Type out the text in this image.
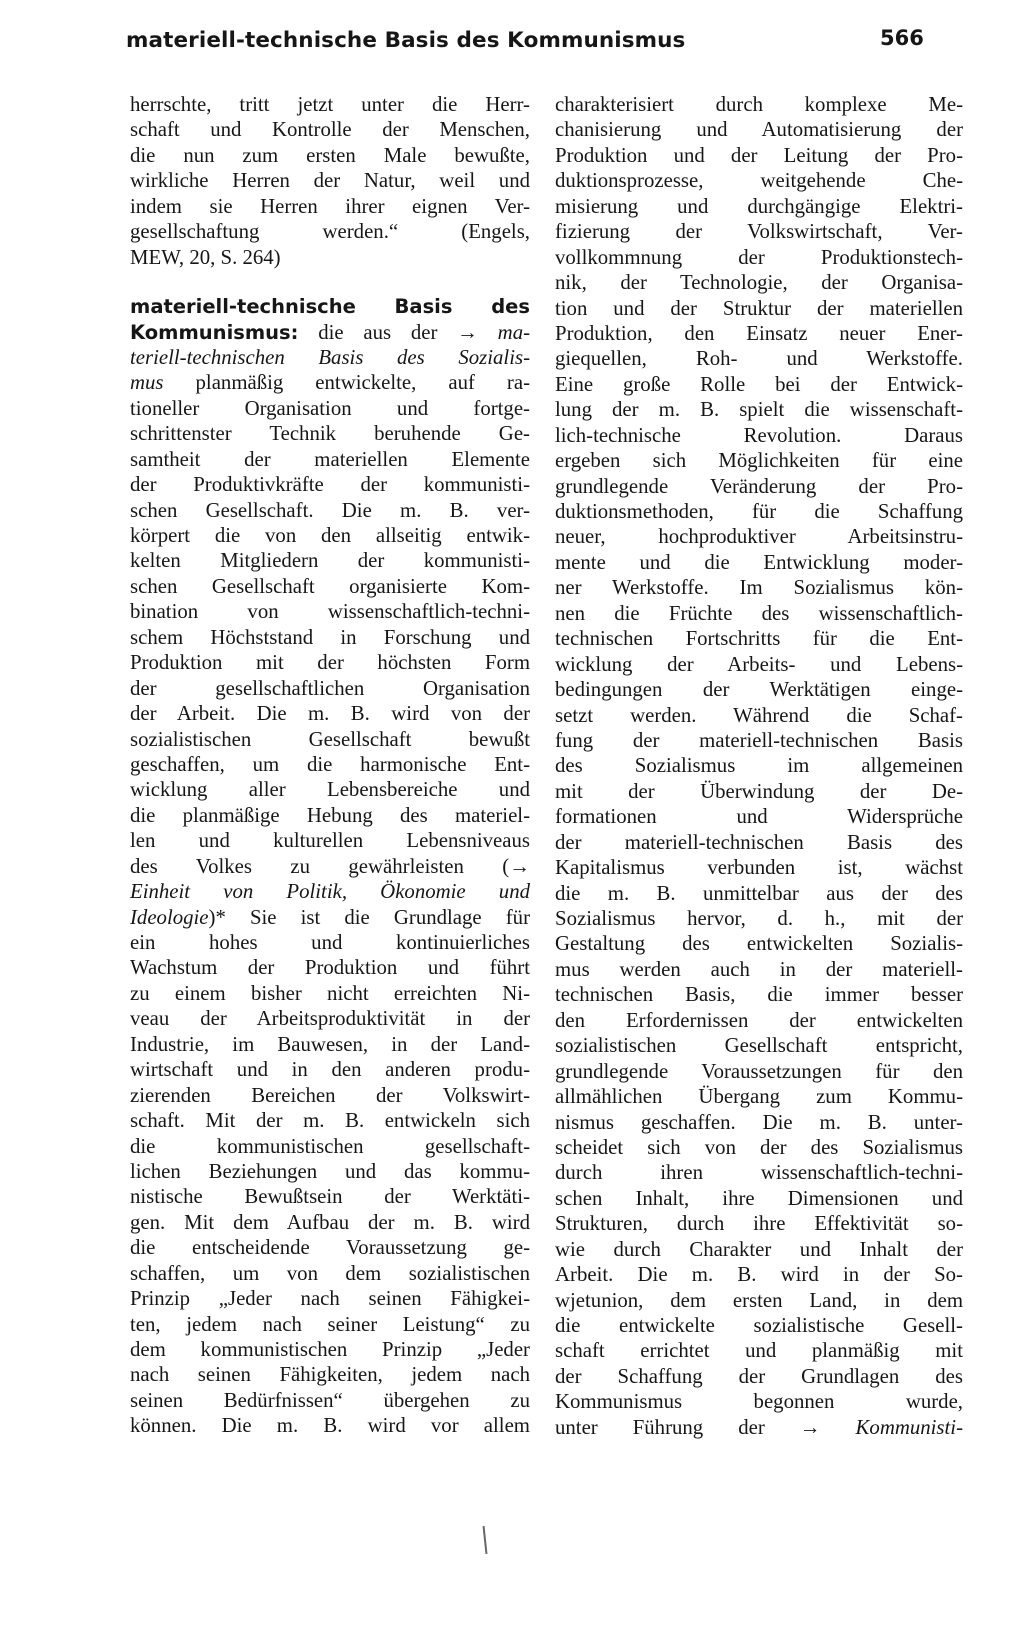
materiell-technische Basis des Kommunismus	566
herrschte, tritt jetzt unter die Herr-
schaft und Kontrolle der Menschen,
die nun zum ersten Male bewußte,
wirkliche Herren der Natur, weil und
indem sie Herren ihrer eignen Ver-
gesellschaftung werden.“ (Engels,
MEW, 20, S. 264)
materiell-technische Basis des
Kommunismus: die aus der → ma-
teriell-technischen Basis des Sozialis-
mus planmäßig entwickelte, auf ra-
tioneller Organisation und fortge-
schrittenster Technik beruhende Ge-
samtheit der materiellen Elemente
der Produktivkräfte der kommunisti-
schen Gesellschaft. Die m. B. ver-
körpert die von den allseitig entwik-
kelten Mitgliedern der kommunisti-
schen Gesellschaft organisierte Kom-
bination von wissenschaftlich-techni-
schem Höchststand in Forschung und
Produktion mit der höchsten Form
der gesellschaftlichen Organisation
der Arbeit. Die m. B. wird von der
sozialistischen Gesellschaft bewußt
geschaffen, um die harmonische Ent-
wicklung aller Lebensbereiche und
die planmäßige Hebung des materiel-
len und kulturellen Lebensniveaus
des Volkes zu gewährleisten (→
Einheit von Politik, Ökonomie und
Ideologie)* Sie ist die Grundlage für
ein hohes und kontinuierliches
Wachstum der Produktion und führt
zu einem bisher nicht erreichten Ni-
veau der Arbeitsproduktivität in der
Industrie, im Bauwesen, in der Land-
wirtschaft und in den anderen produ-
zierenden Bereichen der Volkswirt-
schaft. Mit der m. B. entwickeln sich
die kommunistischen gesellschaft-
lichen Beziehungen und das kommu-
nistische Bewußtsein der Werktäti-
gen. Mit dem Aufbau der m. B. wird
die entscheidende Voraussetzung ge-
schaffen, um von dem sozialistischen
Prinzip „Jeder nach seinen Fähigkei-
ten, jedem nach seiner Leistung“ zu
dem kommunistischen Prinzip „Jeder
nach seinen Fähigkeiten, jedem nach
seinen Bedürfnissen“ übergehen zu
können. Die m. B. wird vor allem
charakterisiert durch komplexe Me-
chanisierung und Automatisierung der
Produktion und der Leitung der Pro-
duktionsprozesse, weitgehende Che-
misierung und durchgängige Elektri-
fizierung der Volkswirtschaft, Ver-
vollkommnung der Produktionstech-
nik, der Technologie, der Organisa-
tion und der Struktur der materiellen
Produktion, den Einsatz neuer Ener-
giequellen, Roh- und Werkstoffe.
Eine große Rolle bei der Entwick-
lung der m. B. spielt die wissenschaft-
lich-technische Revolution. Daraus
ergeben sich Möglichkeiten für eine
grundlegende Veränderung der Pro-
duktionsmethoden, für die Schaffung
neuer, hochproduktiver Arbeitsinstru-
mente und die Entwicklung moder-
ner Werkstoffe. Im Sozialismus kön-
nen die Früchte des wissenschaftlich-
technischen Fortschritts für die Ent-
wicklung der Arbeits- und Lebens-
bedingungen der Werktätigen einge-
setzt werden. Während die Schaf-
fung der materiell-technischen Basis
des Sozialismus im allgemeinen
mit der Überwindung der De-
formationen und Widersprüche
der materiell-technischen Basis des
Kapitalismus verbunden ist, wächst
die m. B. unmittelbar aus der des
Sozialismus hervor, d. h., mit der
Gestaltung des entwickelten Sozialis-
mus werden auch in der materiell-
technischen Basis, die immer besser
den Erfordernissen der entwickelten
sozialistischen Gesellschaft entspricht,
grundlegende Voraussetzungen für den
allmählichen Übergang zum Kommu-
nismus geschaffen. Die m. B. unter-
scheidet sich von der des Sozialismus
durch ihren wissenschaftlich-techni-
schen Inhalt, ihre Dimensionen und
Strukturen, durch ihre Effektivität so-
wie durch Charakter und Inhalt der
Arbeit. Die m. B. wird in der So-
wjetunion, dem ersten Land, in dem
die entwickelte sozialistische Gesell-
schaft errichtet und planmäßig mit
der Schaffung der Grundlagen des
Kommunismus begonnen wurde,
unter Führung der → Kommunisti-
